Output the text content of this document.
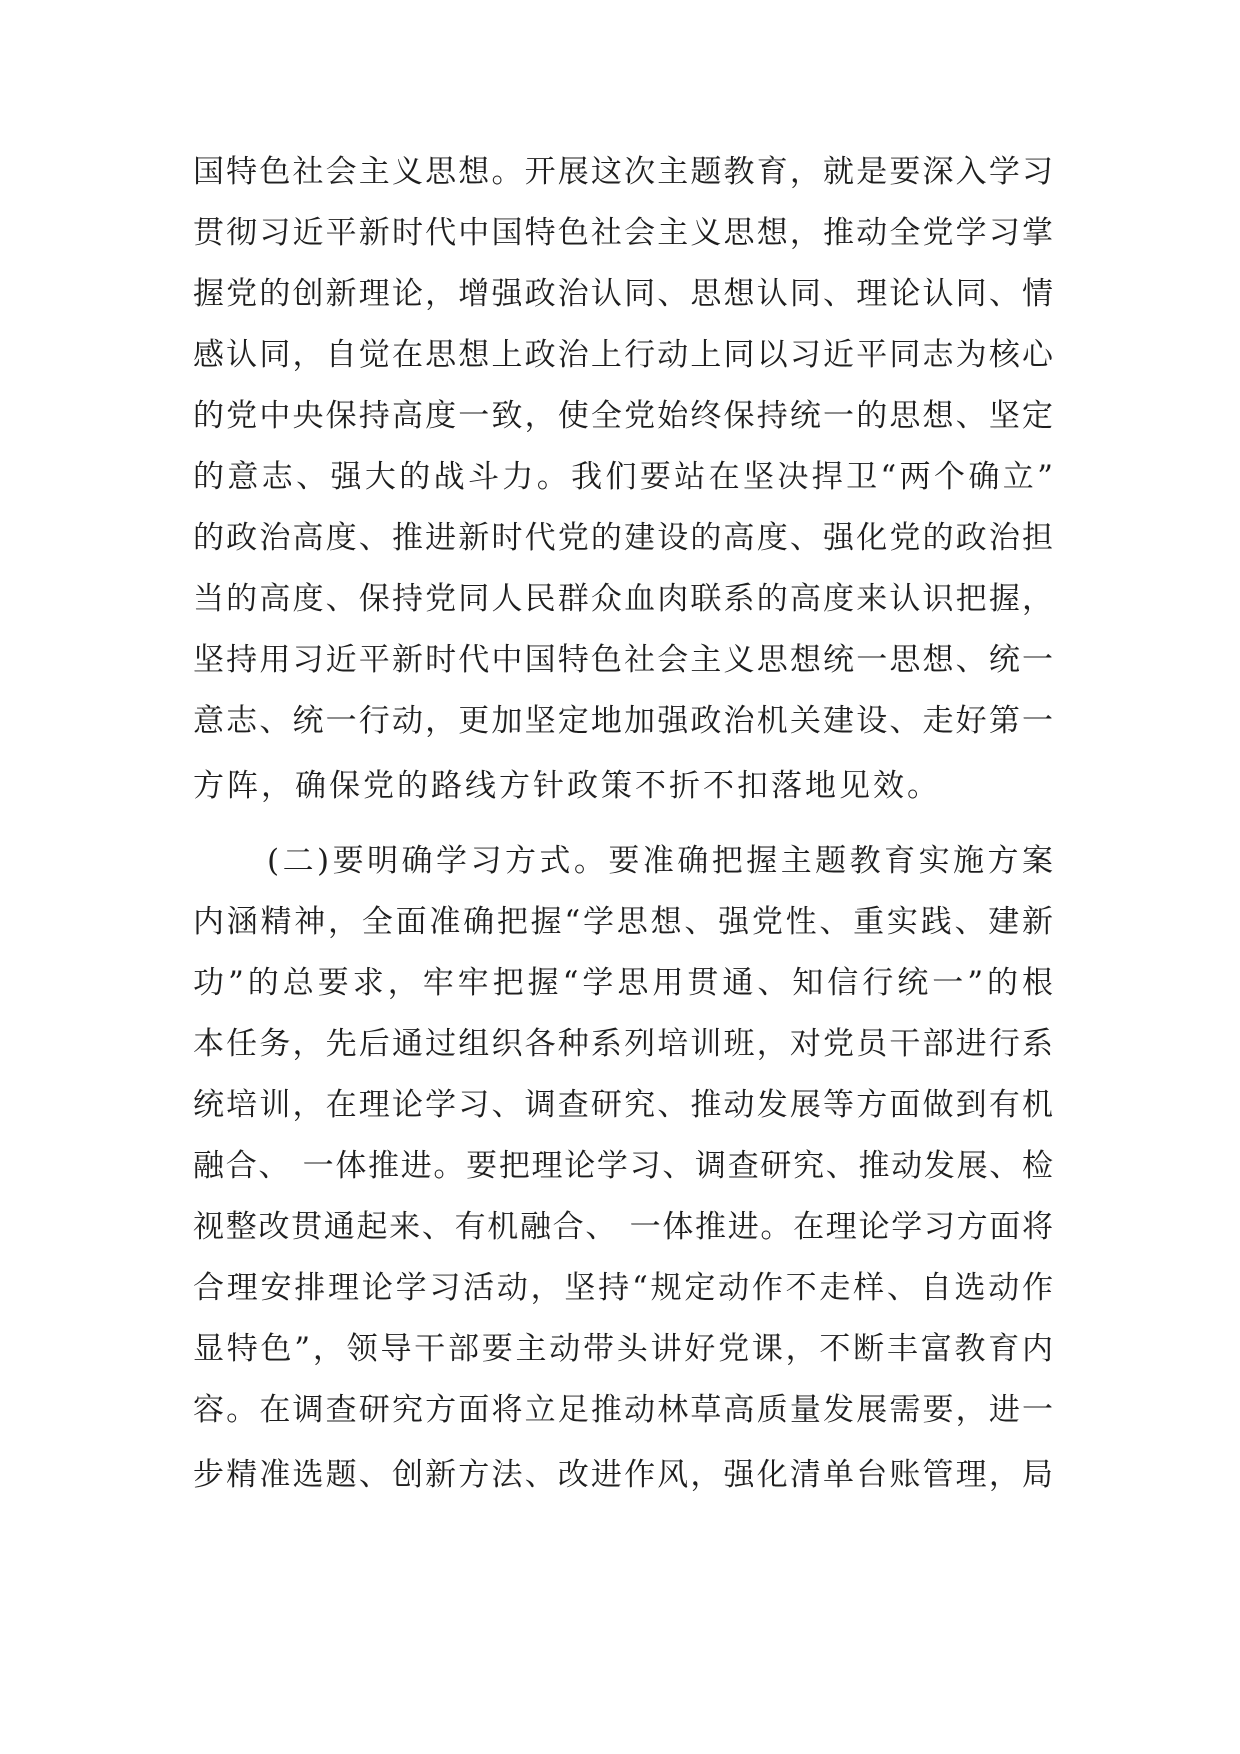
国特色社会主义思想。开展这次主题教育，就是要深入学习
贯彻习近平新时代中国特色社会主义思想，推动全党学习掌
握党的创新理论，增强政治认同、思想认同、理论认同、情
感认同，自觉在思想上政治上行动上同以习近平同志为核心
的党中央保持高度一致，使全党始终保持统一的思想、坚定
的意志、强大的战斗力。我们要站在坚决捍卫“两个确立”
的政治高度、推进新时代党的建设的高度、强化党的政治担
当的高度、保持党同人民群众血肉联系的高度来认识把握，
坚持用习近平新时代中国特色社会主义思想统一思想、统一
意志、统一行动，更加坚定地加强政治机关建设、走好第一
方阵，确保党的路线方针政策不折不扣落地见效。
(二)要明确学习方式。要准确把握主题教育实施方案
内涵精神，全面准确把握“学思想、强党性、重实践、建新
功”的总要求，牢牢把握“学思用贯通、知信行统一”的根
本任务，先后通过组织各种系列培训班，对党员干部进行系
统培训，在理论学习、调查研究、推动发展等方面做到有机
融合、 一体推进。要把理论学习、调查研究、推动发展、检
视整改贯通起来、有机融合、 一体推进。在理论学习方面将
合理安排理论学习活动，坚持“规定动作不走样、自选动作
显特色”，领导干部要主动带头讲好党课，不断丰富教育内
容。在调查研究方面将立足推动林草高质量发展需要，进一
步精准选题、创新方法、改进作风，强化清单台账管理，局
